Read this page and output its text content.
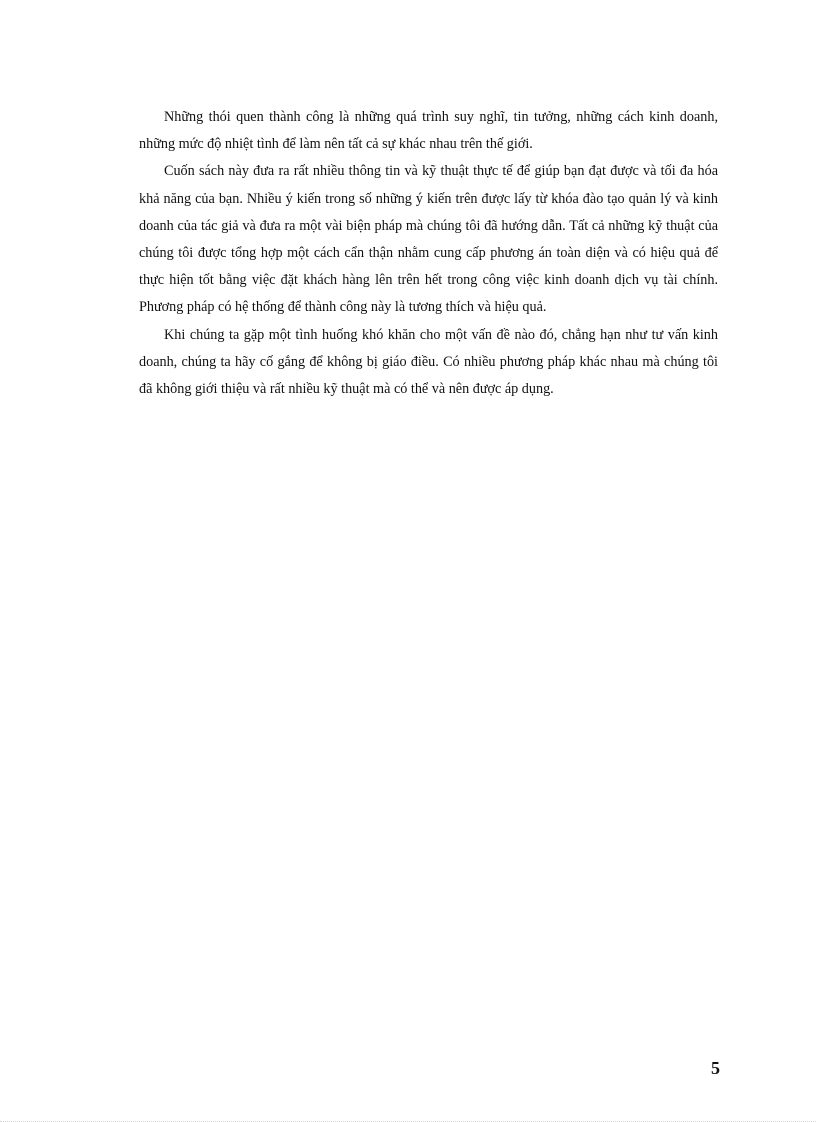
Những thói quen thành công là những quá trình suy nghĩ, tin tưởng, những cách kinh doanh, những mức độ nhiệt tình để làm nên tất cả sự khác nhau trên thế giới.

Cuốn sách này đưa ra rất nhiều thông tin và kỹ thuật thực tế để giúp bạn đạt được và tối đa hóa khả năng của bạn. Nhiều ý kiến trong số những ý kiến trên được lấy từ khóa đào tạo quản lý và kinh doanh của tác giả và đưa ra một vài biện pháp mà chúng tôi đã hướng dẫn. Tất cả những kỹ thuật của chúng tôi được tổng hợp một cách cẩn thận nhằm cung cấp phương án toàn diện và có hiệu quả để thực hiện tốt bằng việc đặt khách hàng lên trên hết trong công việc kinh doanh dịch vụ tài chính. Phương pháp có hệ thống để thành công này là tương thích và hiệu quả.

Khi chúng ta gặp một tình huống khó khăn cho một vấn đề nào đó, chẳng hạn như tư vấn kinh doanh, chúng ta hãy cố gắng để không bị giáo điều. Có nhiều phương pháp khác nhau mà chúng tôi đã không giới thiệu và rất nhiều kỹ thuật mà có thể và nên được áp dụng.

5
